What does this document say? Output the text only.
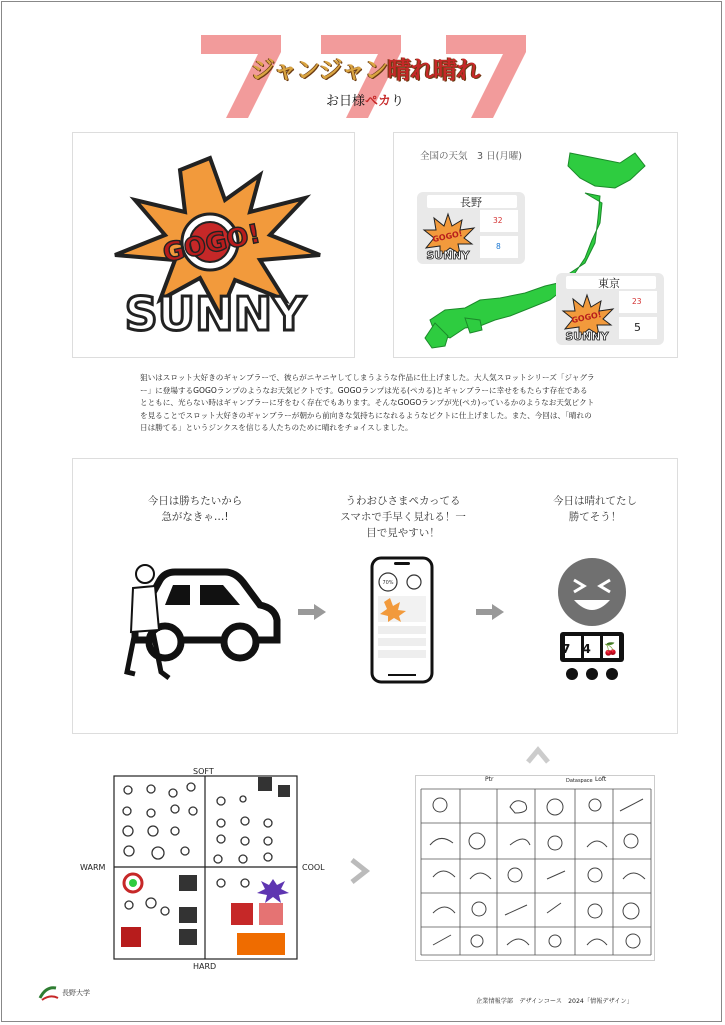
ジャンジャン晴れ晴れ
お日様ペカり
GOGO!
SUNNY
全国の天気　3 日(月曜)
長野
32
8
GOGO!
SUNNY
東京
23
5
GOGO!
SUNNY
狙いはスロット大好きのギャンブラーで、彼らがニヤニヤしてしまうような作品に仕上げました。大人気スロットシリーズ「ジャグラー」に登場するGOGOランプのようなお天気ピクトです。GOGOランプは光る(ペカる)とギャンブラーに幸せをもたらす存在であるとともに、光らない時はギャンブラーに牙をむく存在でもあります。そんなGOGOランプが光(ペカ)っているかのようなお天気ピクトを見ることでスロット大好きのギャンブラーが朝から前向きな気持ちになれるようなピクトに仕上げました。また、今回は、「晴れの日は勝てる」というジンクスを信じる人たちのために晴れをチョイスしました。
今日は勝ちたいから
急がなきゃ…!
うわおひさまペカってる
スマホで手早く見れる！一
目で見やすい！
今日は晴れてたし
勝てそう！
70%
7 4 🍒
SOFT
HARD
WARM	COOL
Ptr	Dataspace Loft
長野大学
企業情報学部　デザインコース　2024「情報デザイン」
